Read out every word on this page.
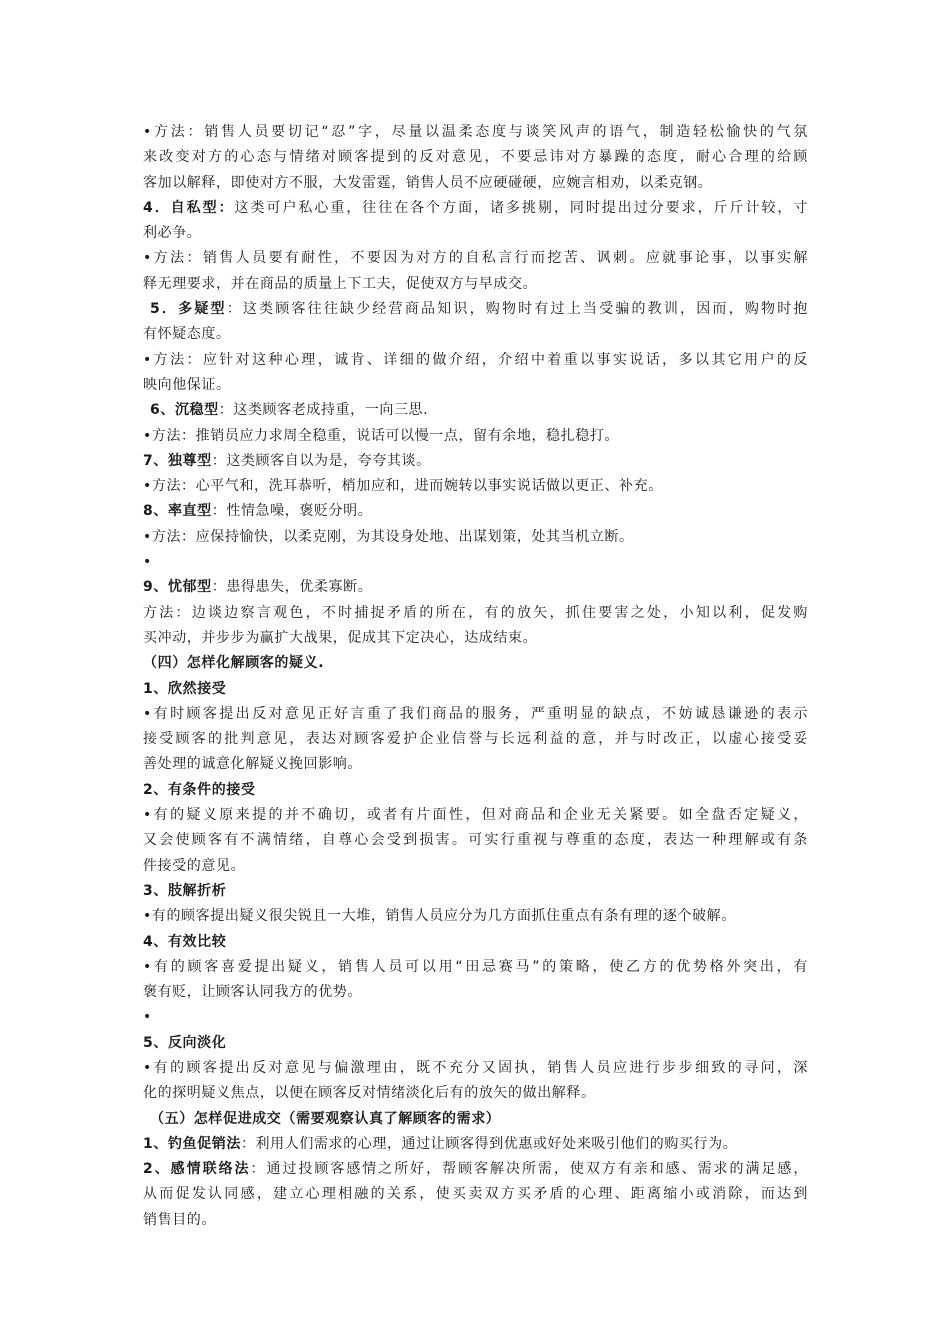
•方法：销售人员要切记“忍”字，尽量以温柔态度与谈笑风声的语气，制造轻松愉快的气氛
来改变对方的心态与情绪对顾客提到的反对意见，不要忌讳对方暴躁的态度，耐心合理的给顾
客加以解释，即使对方不服，大发雷霆，销售人员不应硬碰硬，应婉言相劝，以柔克钢。
4．自私型：这类可户私心重，往往在各个方面，诸多挑剔，同时提出过分要求，斤斤计较，寸
利必争。
•方法：销售人员要有耐性，不要因为对方的自私言行而挖苦、讽刺。应就事论事，以事实解
释无理要求，并在商品的质量上下工夫，促使双方与早成交。
5．多疑型：这类顾客往往缺少经营商品知识，购物时有过上当受骗的教训，因而，购物时抱
有怀疑态度。
•方法：应针对这种心理，诚肯、详细的做介绍，介绍中着重以事实说话，多以其它用户的反
映向他保证。
6、沉稳型：这类顾客老成持重，一向三思.
•方法：推销员应力求周全稳重，说话可以慢一点，留有余地，稳扎稳打。
7、独尊型：这类顾客自以为是，夸夸其谈。
•方法：心平气和，洗耳恭听，梢加应和，进而婉转以事实说话做以更正、补充。
8、率直型：性情急噪，褒贬分明。
•方法：应保持愉快，以柔克刚，为其设身处地、出谋划策，处其当机立断。
•
9、忧郁型：患得患失，优柔寡断。
方法：边谈边察言观色，不时捕捉矛盾的所在，有的放矢，抓住要害之处，小知以利，促发购
买冲动，并步步为赢扩大战果，促成其下定决心，达成结束。
（四）怎样化解顾客的疑义.
1、欣然接受
•有时顾客提出反对意见正好言重了我们商品的服务，严重明显的缺点，不妨诚恳谦逊的表示
接受顾客的批判意见，表达对顾客爱护企业信誉与长远利益的意，并与时改正，以虚心接受妥
善处理的诚意化解疑义挽回影响。
2、有条件的接受
•有的疑义原来提的并不确切，或者有片面性，但对商品和企业无关紧要。如全盘否定疑义，
又会使顾客有不满情绪，自尊心会受到损害。可实行重视与尊重的态度，表达一种理解或有条
件接受的意见。
3、肢解折析
•有的顾客提出疑义很尖锐且一大堆，销售人员应分为几方面抓住重点有条有理的逐个破解。
4、有效比较
•有的顾客喜爱提出疑义，销售人员可以用“田忌赛马”的策略，使乙方的优势格外突出，有
褒有贬，让顾客认同我方的优势。
•
5、反向淡化
•有的顾客提出反对意见与偏激理由，既不充分又固执，销售人员应进行步步细致的寻问，深
化的探明疑义焦点，以便在顾客反对情绪淡化后有的放矢的做出解释。
（五）怎样促进成交（需要观察认真了解顾客的需求）
1、钓鱼促销法：利用人们需求的心理，通过让顾客得到优惠或好处来吸引他们的购买行为。
2、感情联络法：通过投顾客感情之所好，帮顾客解决所需，使双方有亲和感、需求的满足感，
从而促发认同感，建立心理相融的关系，使买卖双方买矛盾的心理、距离缩小或消除，而达到
销售目的。
